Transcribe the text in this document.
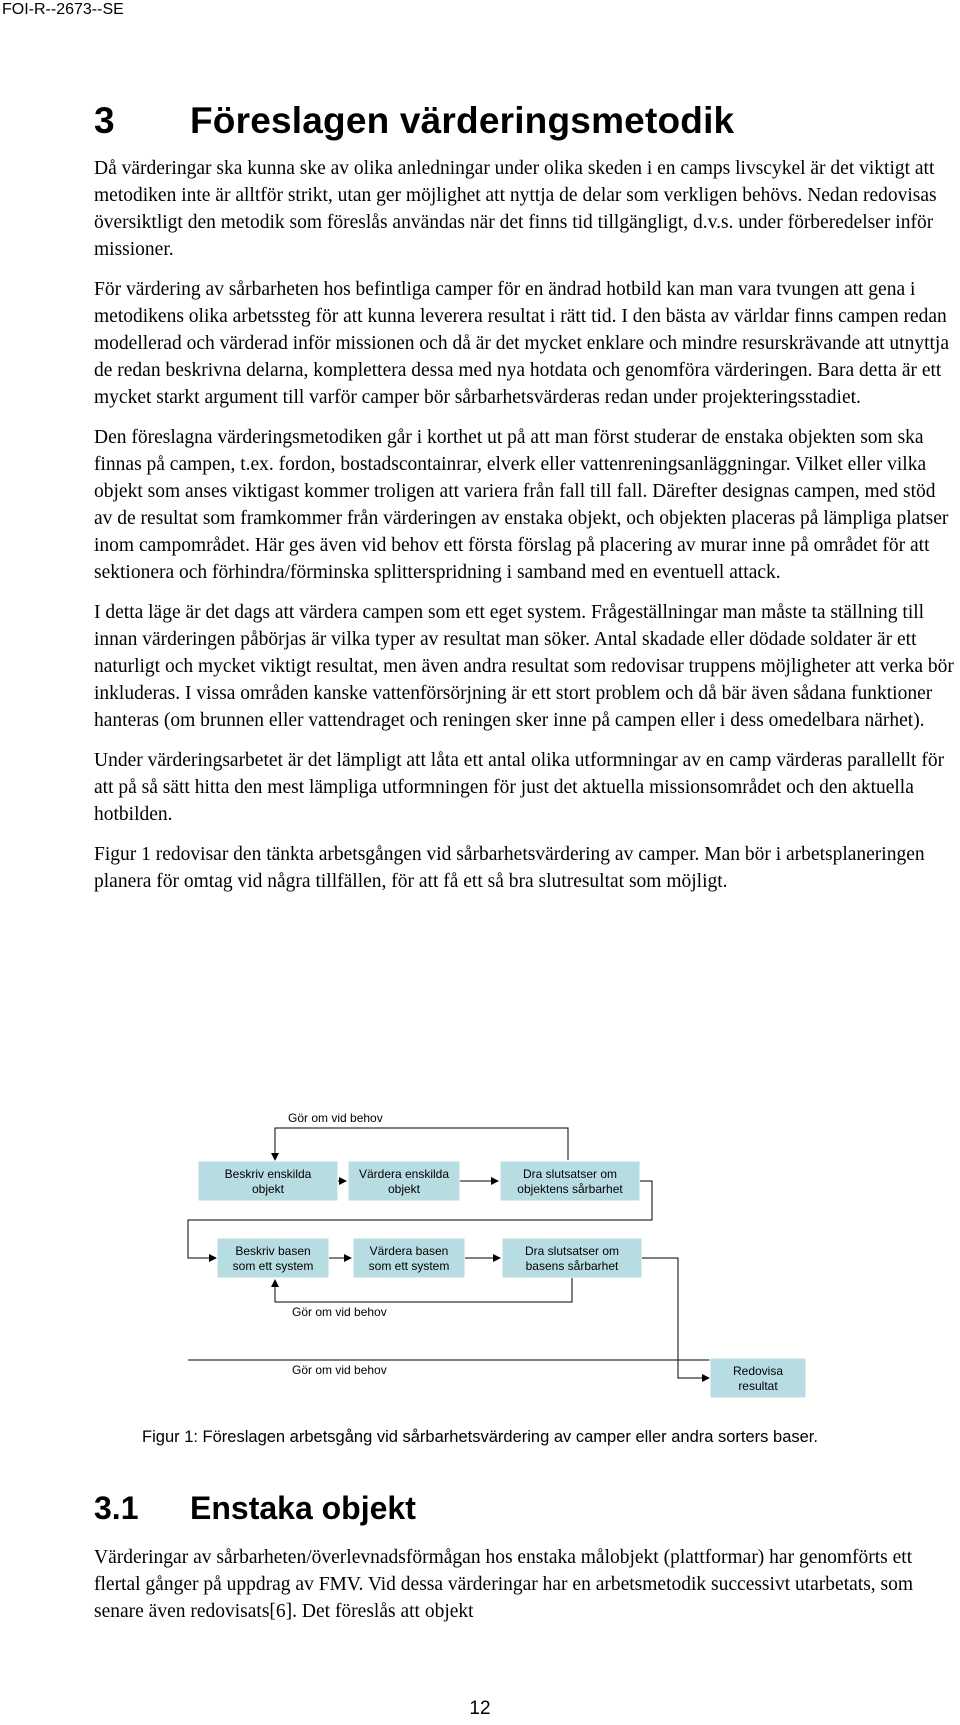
FOI-R--2673--SE
3 Föreslagen värderingsmetodik

Då värderingar ska kunna ske av olika anledningar under olika skeden i en camps livscykel är det viktigt att metodiken inte är alltför strikt, utan ger möjlighet att nyttja de delar som verkligen behövs. Nedan redovisas översiktligt den metodik som föreslås användas när det finns tid tillgängligt, d.v.s. under förberedelser inför missioner.

För värdering av sårbarheten hos befintliga camper för en ändrad hotbild kan man vara tvungen att gena i metodikens olika arbetssteg för att kunna leverera resultat i rätt tid. I den bästa av världar finns campen redan modellerad och värderad inför missionen och då är det mycket enklare och mindre resurskrävande att utnyttja de redan beskrivna delarna, komplettera dessa med nya hotdata och genomföra värderingen. Bara detta är ett mycket starkt argument till varför camper bör sårbarhetsvärderas redan under projekteringsstadiet.

Den föreslagna värderingsmetodiken går i korthet ut på att man först studerar de enstaka objekten som ska finnas på campen, t.ex. fordon, bostadscontainrar, elverk eller vattenreningsanläggningar. Vilket eller vilka objekt som anses viktigast kommer troligen att variera från fall till fall. Därefter designas campen, med stöd av de resultat som framkommer från värderingen av enstaka objekt, och objekten placeras på lämpliga platser inom campområdet. Här ges även vid behov ett första förslag på placering av murar inne på området för att sektionera och förhindra/förminska splitterspridning i samband med en eventuell attack.

I detta läge är det dags att värdera campen som ett eget system. Frågeställningar man måste ta ställning till innan värderingen påbörjas är vilka typer av resultat man söker. Antal skadade eller dödade soldater är ett naturligt och mycket viktigt resultat, men även andra resultat som redovisar truppens möjligheter att verka bör inkluderas. I vissa områden kanske vattenförsörjning är ett stort problem och då bär även sådana funktioner hanteras (om brunnen eller vattendraget och reningen sker inne på campen eller i dess omedelbara närhet).

Under värderingsarbetet är det lämpligt att låta ett antal olika utformningar av en camp värderas parallellt för att på så sätt hitta den mest lämpliga utformningen för just det aktuella missionsområdet och den aktuella hotbilden.

Figur 1 redovisar den tänkta arbetsgången vid sårbarhetsvärdering av camper. Man bör i arbetsplaneringen planera för omtag vid några tillfällen, för att få ett så bra slutresultat som möjligt.

Gör om vid behov
Beskriv enskilda
objekt
Värdera enskilda
objekt
Dra slutsatser om
objektens sårbarhet
Beskriv basen
som ett system
Värdera basen
som ett system
Dra slutsatser om
basens sårbarhet
Gör om vid behov
Gör om vid behov	Redovisa
resultat
Figur 1: Föreslagen arbetsgång vid sårbarhetsvärdering av camper eller andra sorters baser.
3.1 Enstaka objekt

Värderingar av sårbarheten/överlevnadsförmågan hos enstaka målobjekt (plattformar) har genomförts ett flertal gånger på uppdrag av FMV. Vid dessa värderingar har en arbetsmetodik successivt utarbetats, som senare även redovisats[6]. Det föreslås att objekt

12
